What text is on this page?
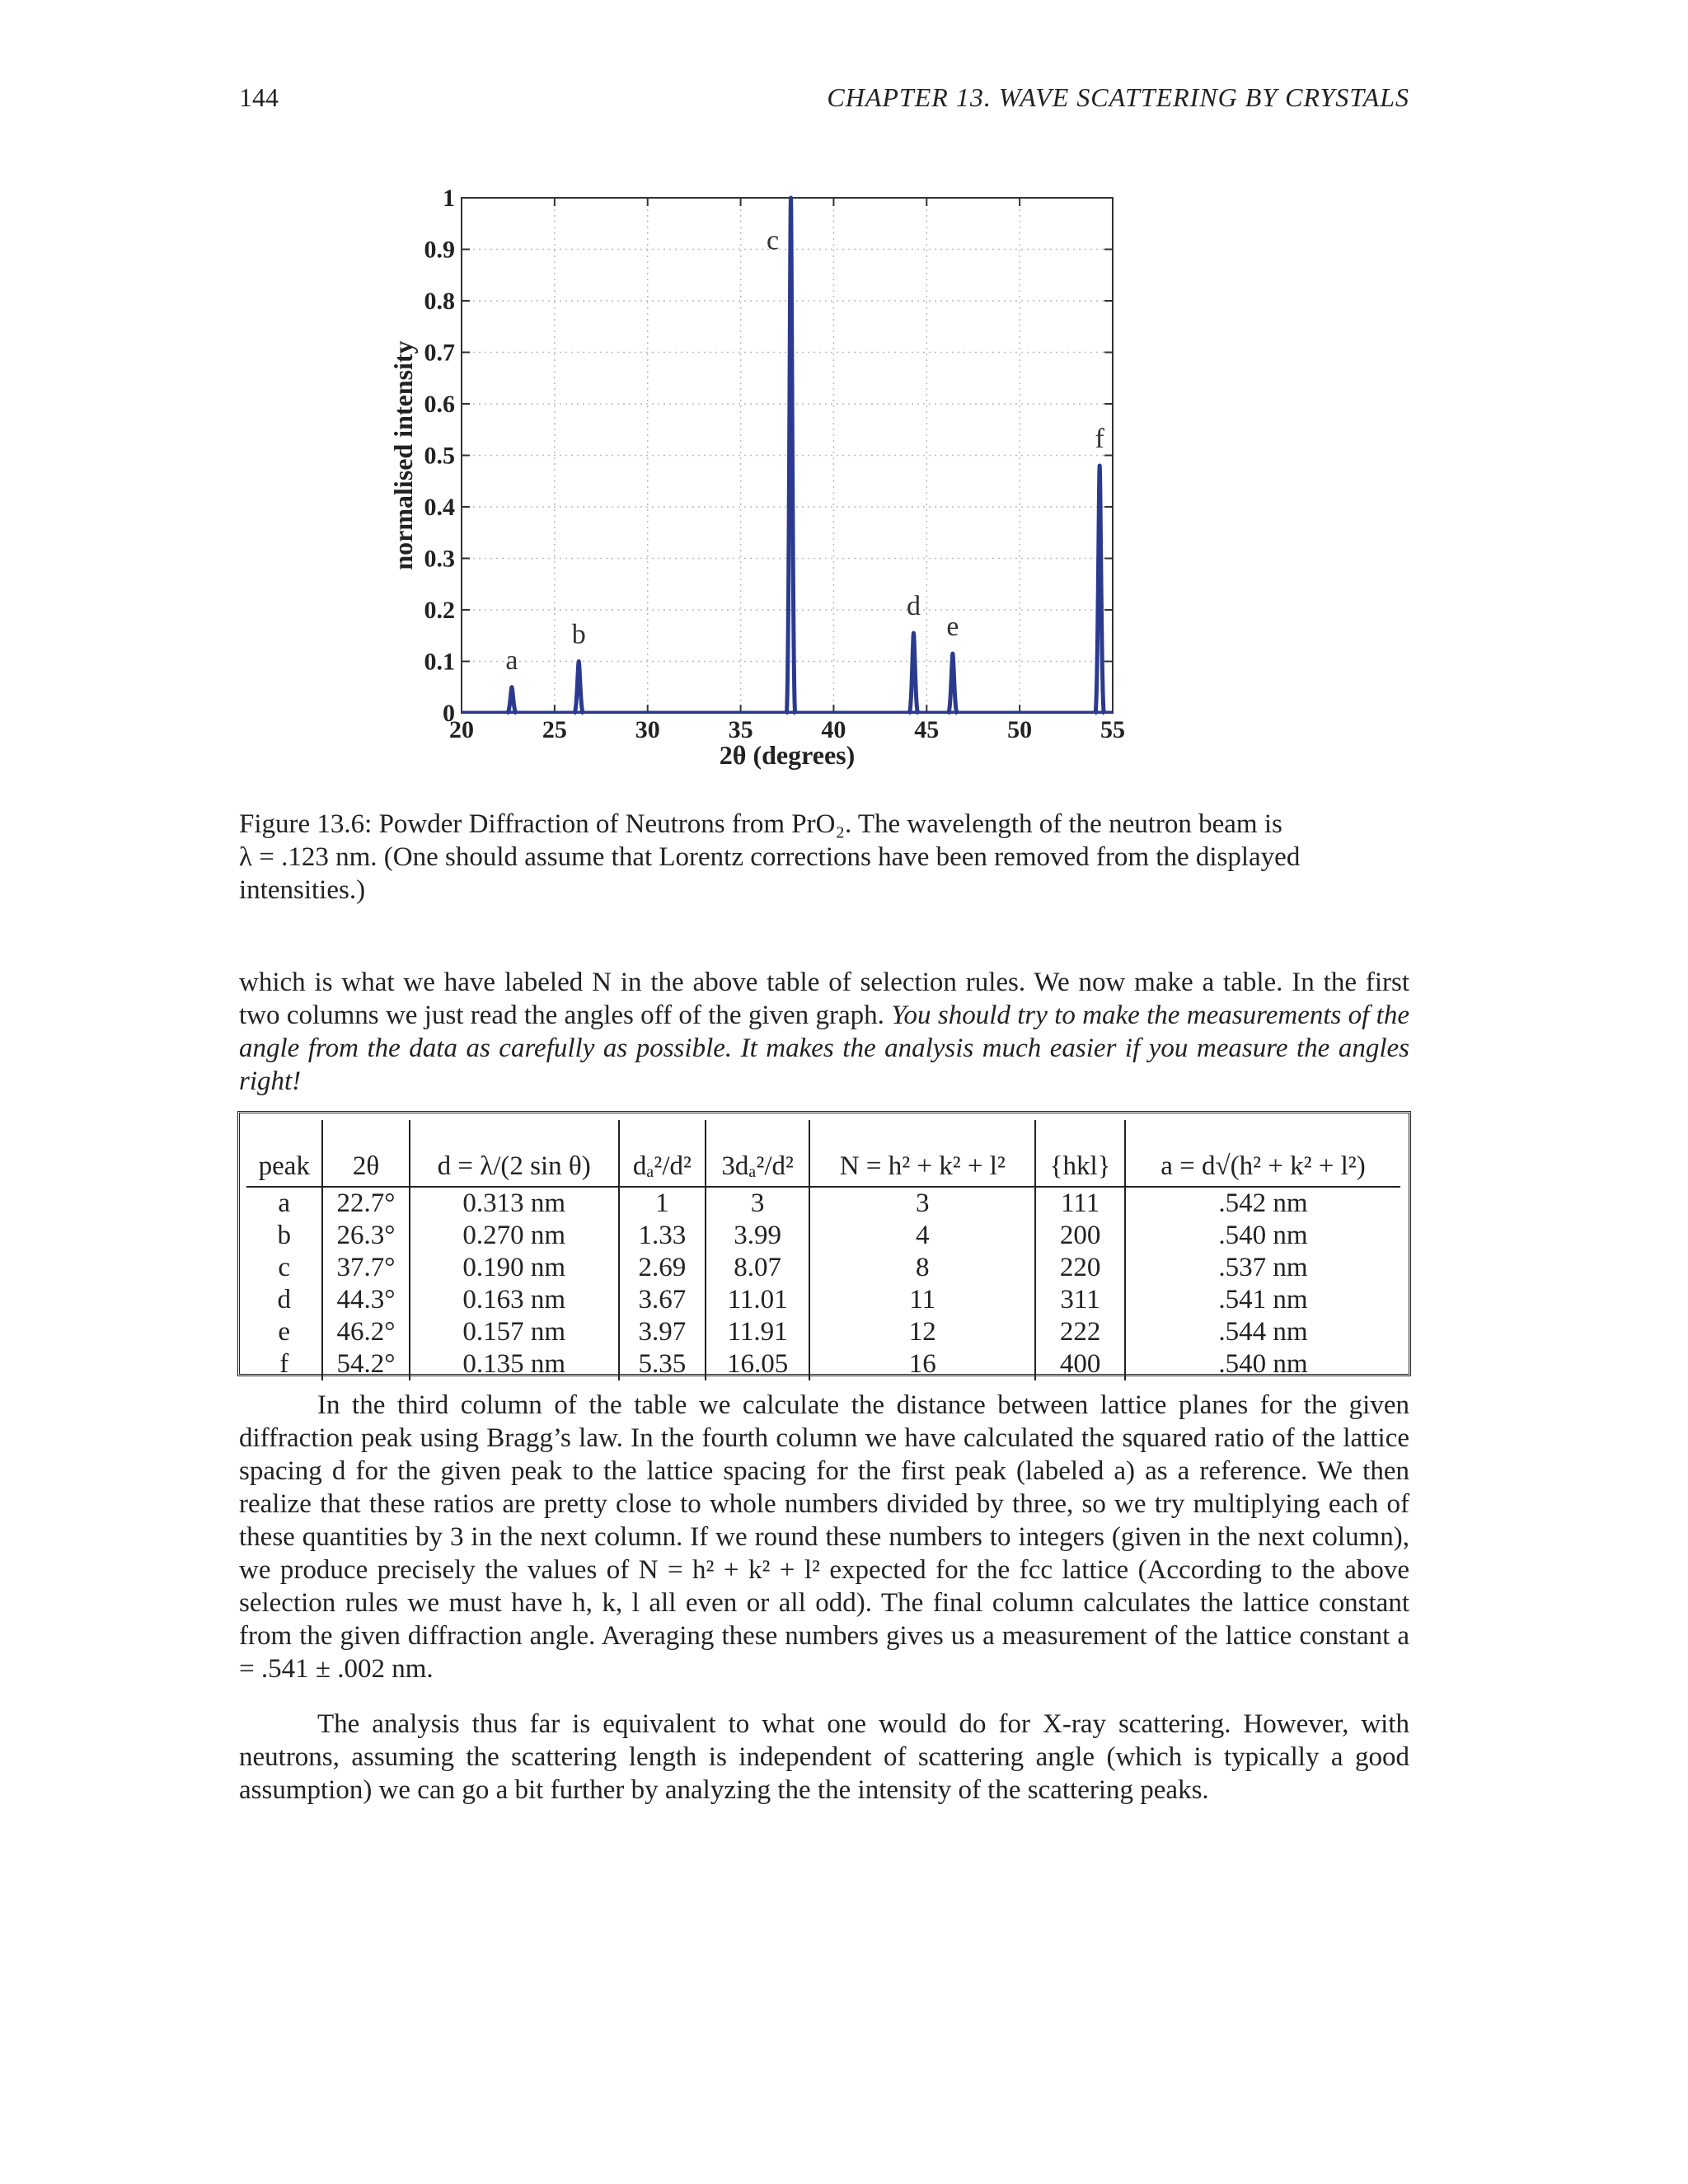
144	CHAPTER 13. WAVE SCATTERING BY CRYSTALS
20	25	30	35	40	45	50	55
0
0.1
0.2
0.3
0.4
0.5
0.6
0.7
0.8
0.9
1
2θ (degrees)
normalised intensity
a
b
c
d
e
f
Figure 13.6: Powder Diffraction of Neutrons from PrO₂. The wavelength of the neutron beam is
λ = .123 nm. (One should assume that Lorentz corrections have been removed from the displayed
intensities.)

which is what we have labeled N in the above table of selection rules. We now make a table. In the first two columns we just read the angles off of the given graph. You should try to make the measurements of the angle from the data as carefully as possible. It makes the analysis much easier if you measure the angles right!

peak	2θ	d = λ/(2 sin θ)	dₐ²/d²	3dₐ²/d²	N = h² + k² + l²	{hkl}	a = d√(h² + k² + l²)
a	22.7°	0.313 nm	1	3	3	111	.542 nm
b	26.3°	0.270 nm	1.33	3.99	4	200	.540 nm
c	37.7°	0.190 nm	2.69	8.07	8	220	.537 nm
d	44.3°	0.163 nm	3.67	11.01	11	311	.541 nm
e	46.2°	0.157 nm	3.97	11.91	12	222	.544 nm
f	54.2°	0.135 nm	5.35	16.05	16	400	.540 nm

In the third column of the table we calculate the distance between lattice planes for the given diffraction peak using Bragg’s law. In the fourth column we have calculated the squared ratio of the lattice spacing d for the given peak to the lattice spacing for the first peak (labeled a) as a reference. We then realize that these ratios are pretty close to whole numbers divided by three, so we try multiplying each of these quantities by 3 in the next column. If we round these numbers to integers (given in the next column), we produce precisely the values of N = h² + k² + l² expected for the fcc lattice (According to the above selection rules we must have h, k, l all even or all odd). The final column calculates the lattice constant from the given diffraction angle. Averaging these numbers gives us a measurement of the lattice constant a = .541 ± .002 nm.

The analysis thus far is equivalent to what one would do for X-ray scattering. However, with neutrons, assuming the scattering length is independent of scattering angle (which is typically a good assumption) we can go a bit further by analyzing the the intensity of the scattering peaks.
